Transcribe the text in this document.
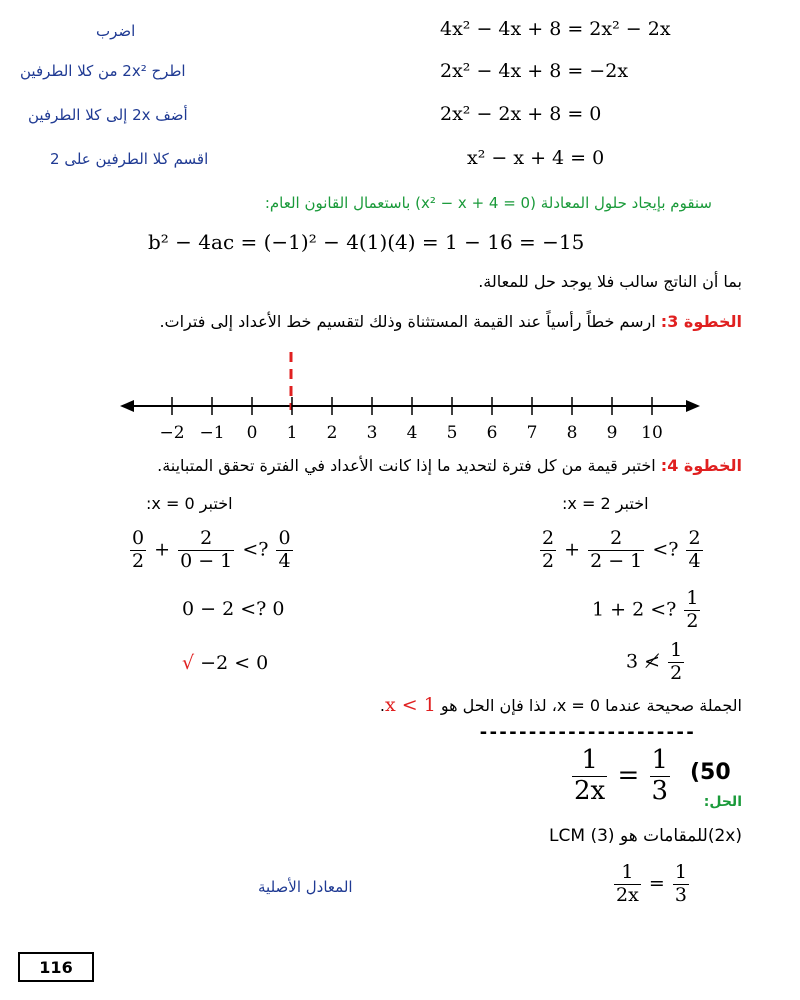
4x² − 4x + 8 = 2x² − 2x
اضرب
2x² − 4x + 8 = −2x
اطرح 2x² من كلا الطرفين
2x² − 2x + 8 = 0
أضف 2x إلى كلا الطرفين
x² − x + 4 = 0
اقسم كلا الطرفين على 2
سنقوم بإيجاد حلول المعادلة (x² − x + 4 = 0) باستعمال القانون العام:
b² − 4ac = (−1)² − 4(1)(4) = 1 − 16 = −15
بما أن الناتج سالب فلا يوجد حل للمعالة.
الخطوة 3: ارسم خطاً رأسياً عند القيمة المستثناة وذلك لتقسيم خط الأعداد إلى فترات.
−2 −1 0 1 2 3 4 5 6 7 8 9 10
الخطوة 4: اختبر قيمة من كل فترة لتحديد ما إذا كانت الأعداد في الفترة تحقق المتباينة.
اختبر x = 2:
اختبر x = 0:
$\frac{0}{2} + \frac{2}{0 - 1}$ <? $\frac{0}{4}$
0 − 2 <? 0
√ −2 < 0
$\frac{2}{2} + \frac{2}{2 - 1}$ <? $\frac{2}{4}$
1 + 2 <? $\frac{1}{2}$
3 ≮ $\frac{1}{2}$
الجملة صحيحة عندما x = 0، لذا فإن الحل هو x < 1.
----------------------
$\frac{1}{2x} = \frac{1}{3} (50$
الحل:
LCM للمقامات هو (3)(2x)
$\frac{1}{2x} = \frac{1}{3}$
المعادل الأصلية
116
